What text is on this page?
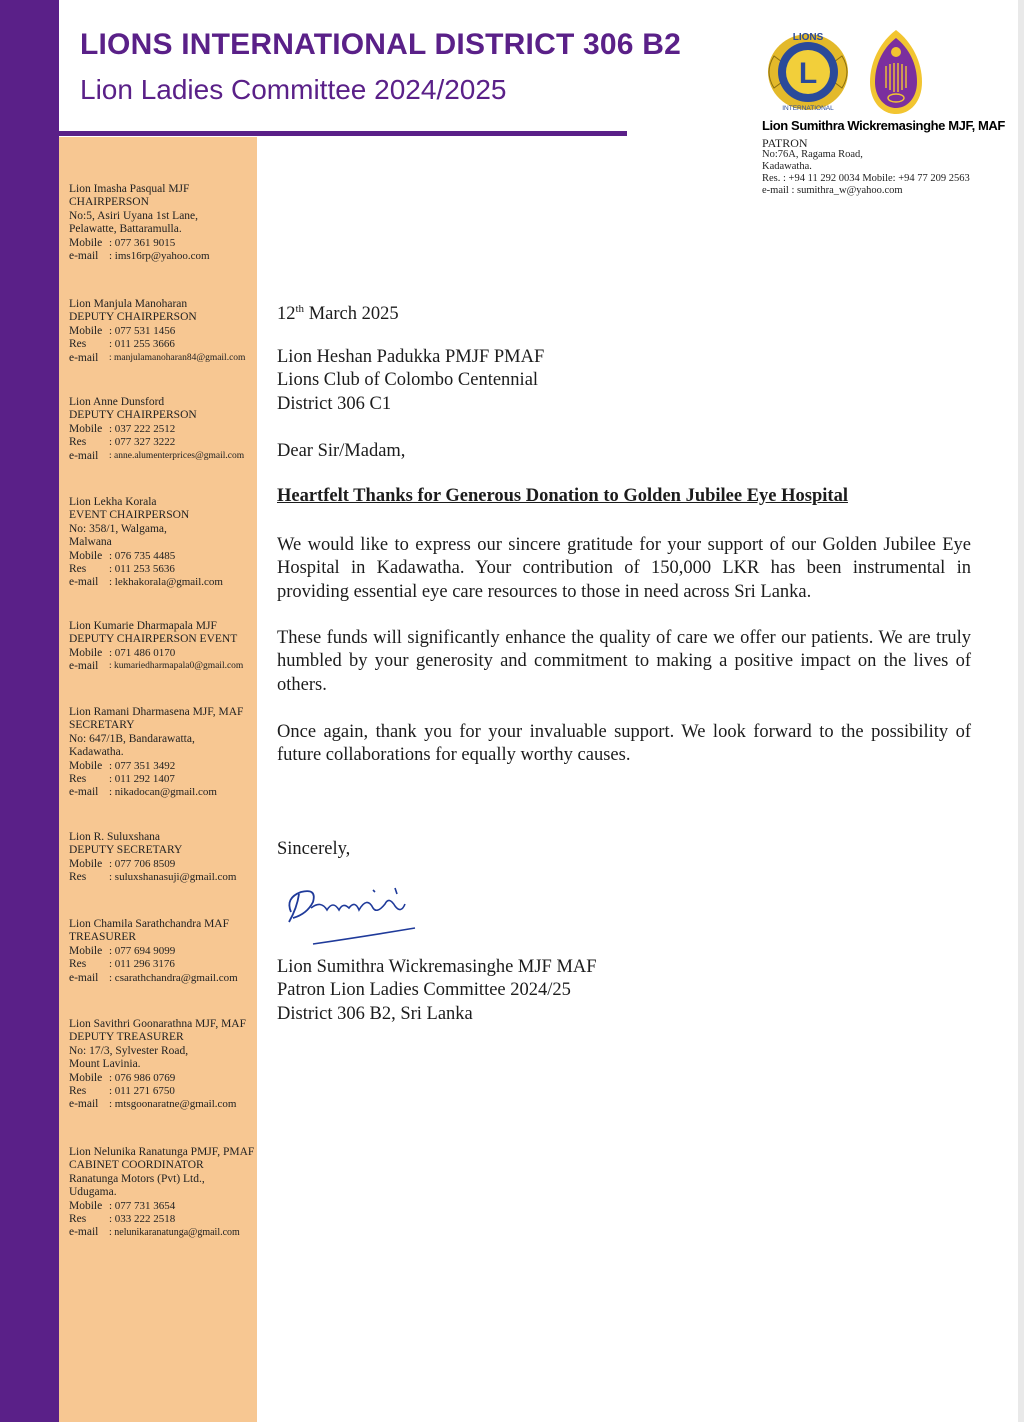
LIONS INTERNATIONAL DISTRICT 306 B2
Lion Ladies Committee 2024/2025	L
LIONS
INTERNATIONAL
Lion Sumithra Wickremasinghe MJF, MAF
PATRON
No:76A, Ragama Road,
Kadawatha.
Res. : +94 11 292 0034 Mobile: +94 77 209 2563
e-mail : sumithra_w@yahoo.com
Lion Imasha Pasqual MJF
CHAIRPERSON
No:5, Asiri Uyana 1st Lane,
Pelawatte, Battaramulla.
Mobile : 077 361 9015
e-mail : ims16rp@yahoo.com
Lion Manjula Manoharan
DEPUTY CHAIRPERSON
Mobile : 077 531 1456
Res	: 011 255 3666
e-mail	: manjulamanoharan84@gmail.com
Lion Anne Dunsford
DEPUTY CHAIRPERSON
Mobile : 037 222 2512
Res	: 077 327 3222
e-mail	: anne.alumenterprices@gmail.com
Lion Lekha Korala
EVENT CHAIRPERSON
No: 358/1, Walgama,
Malwana
Mobile : 076 735 4485
Res	: 011 253 5636
e-mail : lekhakorala@gmail.com
Lion Kumarie Dharmapala MJF
DEPUTY CHAIRPERSON EVENT
Mobile : 071 486 0170
e-mail	: kumariedharmapala0@gmail.com
Lion Ramani Dharmasena MJF, MAF
SECRETARY
No: 647/1B, Bandarawatta,
Kadawatha.
Mobile : 077 351 3492
Res	: 011 292 1407
e-mail : nikadocan@gmail.com
Lion R. Suluxshana
DEPUTY SECRETARY
Mobile : 077 706 8509
Res	: suluxshanasuji@gmail.com
Lion Chamila Sarathchandra MAF
TREASURER
Mobile : 077 694 9099
Res	: 011 296 3176
e-mail : csarathchandra@gmail.com
Lion Savithri Goonarathna MJF, MAF
DEPUTY TREASURER
No: 17/3, Sylvester Road,
Mount Lavinia.
Mobile : 076 986 0769
Res	: 011 271 6750
e-mail : mtsgoonaratne@gmail.com
Lion Nelunika Ranatunga PMJF, PMAF
CABINET COORDINATOR
Ranatunga Motors (Pvt) Ltd.,
Udugama.
Mobile : 077 731 3654
Res	: 033 222 2518
e-mail	: nelunikaranatunga@gmail.com
12th March 2025
Lion Heshan Padukka PMJF PMAF
Lions Club of Colombo Centennial
District 306 C1
Dear Sir/Madam,
Heartfelt Thanks for Generous Donation to Golden Jubilee Eye Hospital
We would like to express our sincere gratitude for your support of our Golden Jubilee Eye Hospital in Kadawatha. Your contribution of 150,000 LKR has been instrumental in providing essential eye care resources to those in need across Sri Lanka.
These funds will significantly enhance the quality of care we offer our patients. We are truly humbled by your generosity and commitment to making a positive impact on the lives of others.
Once again, thank you for your invaluable support. We look forward to the possibility of future collaborations for equally worthy causes.
Sincerely,
Lion Sumithra Wickremasinghe MJF MAF
Patron Lion Ladies Committee 2024/25
District 306 B2, Sri Lanka
